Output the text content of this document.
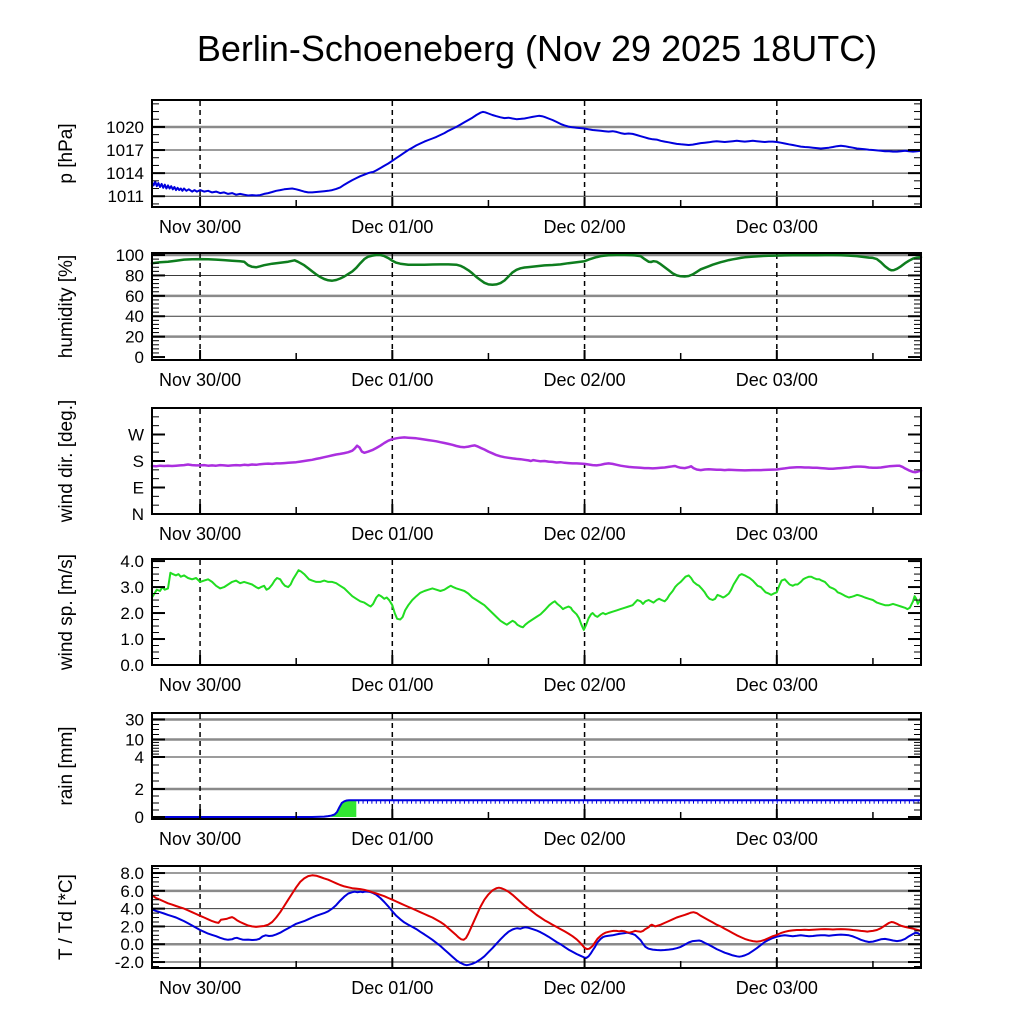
Berlin-Schoeneberg (Nov 29 2025 18UTC)
1020
1017
1014
1011
Nov 30/00	Dec 01/00	Dec 02/00	Dec 03/00
p [hPa]
100
80
60
40
20
0
Nov 30/00	Dec 01/00	Dec 02/00	Dec 03/00
humidity [%]
W
S
E
N
Nov 30/00	Dec 01/00	Dec 02/00	Dec 03/00
wind dir. [deg.]
4.0
3.0
2.0
1.0
0.0
Nov 30/00	Dec 01/00	Dec 02/00	Dec 03/00
wind sp. [m/s]
30
10
4
2
0
Nov 30/00	Dec 01/00	Dec 02/00	Dec 03/00
rain [mm]
8.0
6.0
4.0
2.0
0.0
-2.0
Nov 30/00	Dec 01/00	Dec 02/00	Dec 03/00
T / Td [*C]
